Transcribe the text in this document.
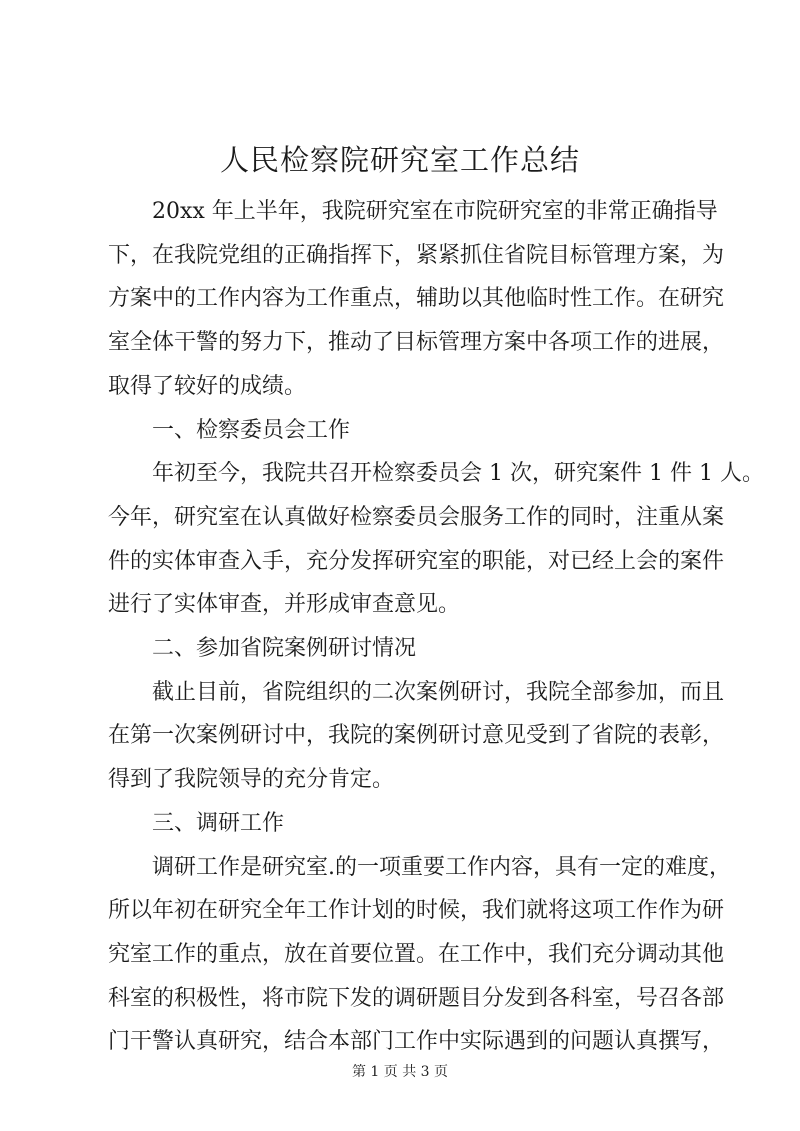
人民检察院研究室工作总结

20xx 年上半年，我院研究室在市院研究室的非常正确指导

下，在我院党组的正确指挥下，紧紧抓住省院目标管理方案，为

方案中的工作内容为工作重点，辅助以其他临时性工作。在研究

室全体干警的努力下，推动了目标管理方案中各项工作的进展，

取得了较好的成绩。

一、检察委员会工作

年初至今，我院共召开检察委员会 1 次，研究案件 1 件 1 人。

今年，研究室在认真做好检察委员会服务工作的同时，注重从案

件的实体审查入手，充分发挥研究室的职能，对已经上会的案件

进行了实体审查，并形成审查意见。

二、参加省院案例研讨情况

截止目前，省院组织的二次案例研讨，我院全部参加，而且

在第一次案例研讨中，我院的案例研讨意见受到了省院的表彰，

得到了我院领导的充分肯定。

三、调研工作

调研工作是研究室.的一项重要工作内容，具有一定的难度，

所以年初在研究全年工作计划的时候，我们就将这项工作作为研

究室工作的重点，放在首要位置。在工作中，我们充分调动其他

科室的积极性，将市院下发的调研题目分发到各科室，号召各部

门干警认真研究，结合本部门工作中实际遇到的问题认真撰写，

第 1 页 共 3 页
